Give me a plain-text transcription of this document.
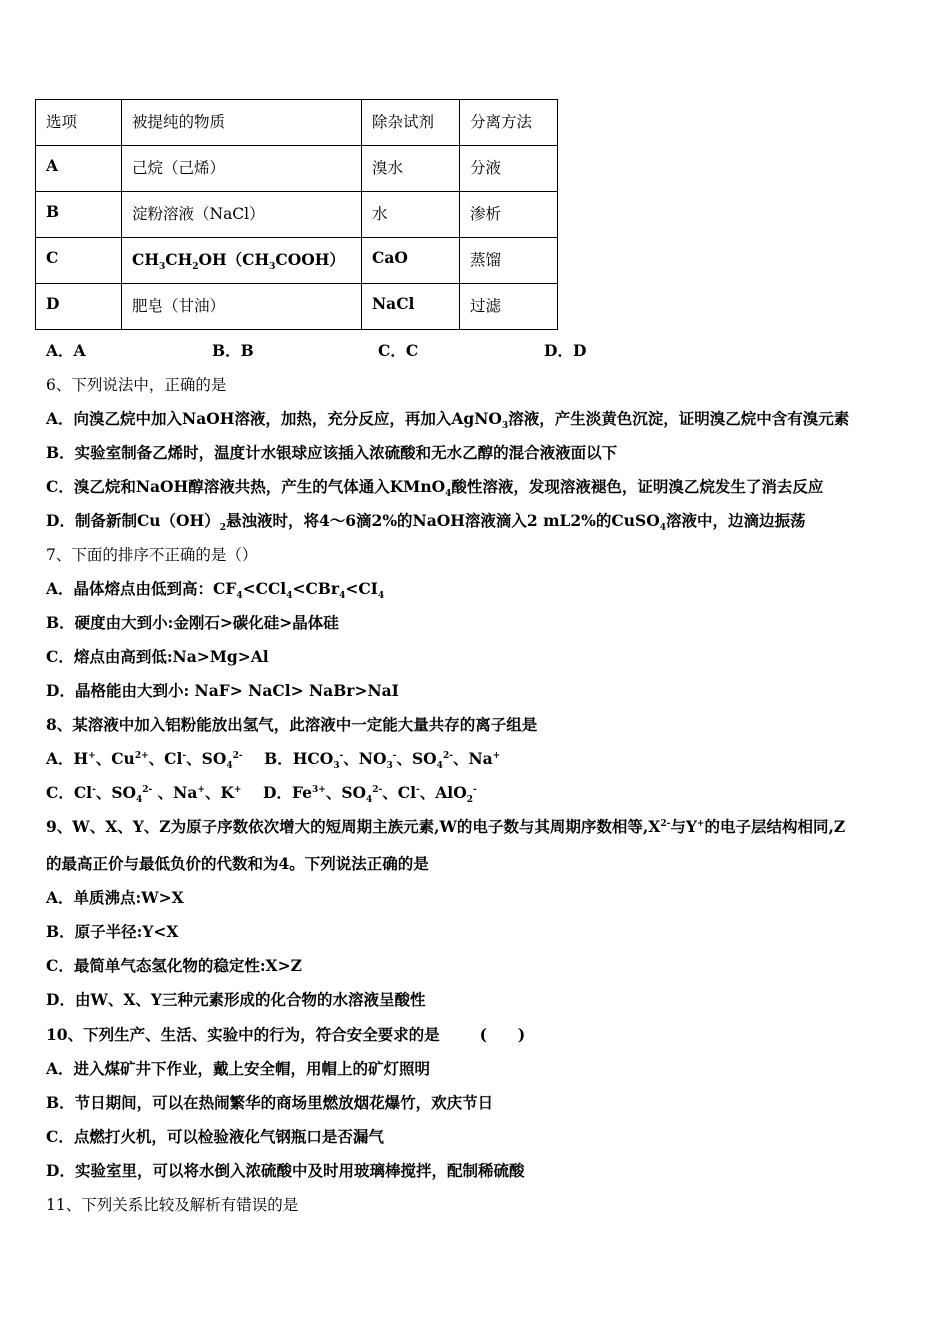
选项	被提纯的物质	除杂试剂	分离方法
A	己烷（己烯）	溴水	分液
B	淀粉溶液（NaCl）	水	渗析
C	$CH_3CH_2OH(CH_3COOH)$	CaO	蒸馏
D	肥皂（甘油）	NaCl	过滤
A．A	B．B	C．C	D．D
6、下列说法中，正确的是
A．向溴乙烷中加入NaOH溶液，加热，充分反应，再加入AgNO$_3$溶液，产生淡黄色沉淀，证明溴乙烷中含有溴元素
B．实验室制备乙烯时，温度计水银球应该插入浓硫酸和无水乙醇的混合液液面以下
C．溴乙烷和NaOH醇溶液共热，产生的气体通入KMnO$_4$酸性溶液，发现溶液褪色，证明溴乙烷发生了消去反应
D．制备新制$Cu(OH)_2$悬浊液时，将4～6滴2%的NaOH溶液滴入2 mL2%的CuSO$_4$溶液中，边滴边振荡
7、下面的排序不正确的是（）
A．晶体熔点由低到高：$CF_4<CCl_4<CBr_4<CI_4$
B．硬度由大到小:金刚石>碳化硅>晶体硅
C．熔点由高到低:Na>Mg>Al
D．晶格能由大到小: NaF> NaCl> NaBr>NaI
8、某溶液中加入铝粉能放出氢气，此溶液中一定能大量共存的离子组是
A．H+、$Cu^{2+}$、Cl-、$SO_4^{2-}$    B．$HCO_3^-$、$NO_3^-$、$SO_4^{2-}$、Na+
C．Cl-、$SO_4^{2-}$ 、Na+、K+    D．$Fe^{3+}$、$SO_4^{2-}$、Cl-、AlO$_2$-
9、W、X、Y、Z为原子序数依次增大的短周期主族元素,W的电子数与其周期序数相等$,X^{2-}$与Y+的电子层结构相同,Z
的最高正价与最低负价的代数和为4。下列说法正确的是
A．单质沸点:W>X
B．原子半径:Y<X
C．最简单气态氢化物的稳定性:X>Z
D．由W、X、Y三种元素形成的化合物的水溶液呈酸性
10、下列生产、生活、实验中的行为，符合安全要求的是	(　　)
A．进入煤矿井下作业，戴上安全帽，用帽上的矿灯照明
B．节日期间，可以在热闹繁华的商场里燃放烟花爆竹，欢庆节日
C．点燃打火机，可以检验液化气钢瓶口是否漏气
D．实验室里，可以将水倒入浓硫酸中及时用玻璃棒搅拌，配制稀硫酸
11、下列关系比较及解析有错误的是
